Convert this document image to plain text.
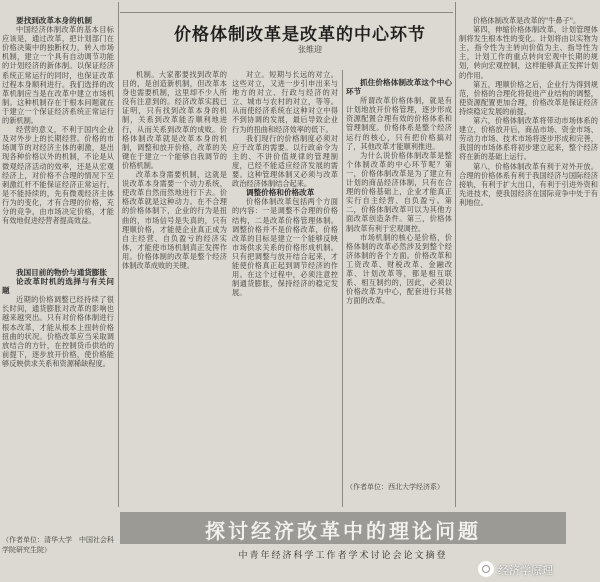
要找到改革本身的机制

中国经济体制改革的基本目标应该是，通过改革，把计划部门在价格决策中的独断权力，转入市场机制，建立一个具有自动调节功能的计划经济的新体制。以保证经济系统正常运行的同时，也保证改革过程本身顺利进行。我们选择的改革机制应当是在改革中建立市场机制。这种机制存在于根本问题就在于建立一个保证经济系统正常运行的新机制。

经营的意义，不利于国内企业及对外步上的长期经营。价格的市场调节的对经济主体的刺激，是出现各种价格以外的机制，不论是从微观经济活动的效率，还是从宏观经济上，对价格不合理的情况下至刺激红杆不能保证经济正常运行，是不能持续的，先有微观经济主体行为的变化，才有合理的价格，充分的竞争，由市场决定价格，才能有效地促进经营者提高效益。

我国目前的物价与通货膨胀

论改革时机的选择与有关问题

近期的价格调整已经持续了很长时间，通货膨胀对改革的影响也越来越突出。只有对价格体制进行根本改革，才能从根本上扭转价格扭曲的状况。价格改革应当采取调放结合的方针，在控制货币供给的前提下，逐步放开价格，使价格能够反映供求关系和资源稀缺程度。

（作者单位：清华大学　中国社会科学院研究生院）
价格体制改革是改革的中心环节
张维迎

机制。大家都要找到改革的目的，是创造新机制，但改革本身也需要机制，这里却不少人所没有注意到的。经济改革实践已证明，只有找到改革本身的机制，关系到改革能否顺利地进行，从而关系到改革的成败。价格体制改革就是改革本身的机制，调整和放开价格，改革的关键在于建立一个能够自我调节的价格机制。

改革本身需要机制，这就是说改革本身需要一个动力系统，使改革自然而然地进行下去。价格改革就是这种动力。在不合理的价格体制下，企业的行为是扭曲的，市场信号是失真的，只有理顺价格，才能使企业真正成为自主经营、自负盈亏的经济实体，才能使市场机制真正发挥作用。价格体制的改革是整个经济体制改革成败的关键。

对立。短期与长远的对立。这些对立，又进一步引申出来与地方的对立、行政与经济的对立、城市与农村的对立，等等。从而使经济系统在这种对立中得不到协调的发展，最后导致企业行为的扭曲和经济效率的低下。

我们现行的价格制度必须对应于改革的需要。以行政命令为主的、不讲价值规律的管理制度，已经不能适应经济发展的需要。这种管理体制又必须与改革政治经济体制结合起来。

调整价格和价格改革

价格体制改革包括两个方面的内容：一是调整不合理的价格结构，二是改革价格管理体制。调整价格并不是价格改革，价格改革的目标是建立一个能够反映市场供求关系的价格形成机制。只有把调整与放开结合起来，才能使价格真正起到调节经济的作用。在这个过程中，必须注意控制通货膨胀，保持经济的稳定发展。

抓住价格体制改革这个中心环节

所谓改革价格体制，就是有计划地放开价格管理，逐步形成资源配置合理有效的价格体系和管理制度。价格体系是整个经济运行的核心，只有把价格搞对了，其他改革才能顺利推进。

为什么说价格体制改革是整个体制改革的中心环节呢？第一，价格体制改革是为了建立有计划的商品经济体制，只有在合理的价格基础上，企业才能真正实行自主经营、自负盈亏。第二，价格体制改革可以为其他方面改革创造条件。第三，价格体制改革有利于宏观调控。

市场机制的核心是价格，价格体制的改革必然涉及到整个经济体制的各个方面。价格改革和工资改革、财税改革、金融改革、计划改革等，都是相互联系、相互制约的，因此，必须以价格改革为中心，配套进行其他方面的改革。

（作者单位：西北大学经济系）

价格体制改革是改革的"牛鼻子"。

第四，伸缩价格体制改革，计划管理体制将发生根本性的变化。计划将由以实物为主，指令性为主转向价值为主、指导性为主，计划工作的重点转向宏观中长期的规划，转向宏观控制，这样能够真正发挥计划的作用。

第五，理顺价格之后，企业行为得到规范，价格的合理化将促进产业结构的调整，使资源配置更加合理，价格改革是保证经济持续稳定发展的前提。

第六，价格体制改革将带动市场体系的建立，价格放开后，商品市场、资金市场、劳动力市场、技术市场将逐步形成和完善，我国的市场体系将初步建立起来，整个经济将在新的基础上运行。

第八，价格体制改革有利于对外开放。合理的价格体系有利于我国经济与国际经济接轨，有利于扩大出口，有利于引进外资和先进技术，使我国经济在国际竞争中处于有利地位。

探讨经济改革中的理论问题
中青年经济科学工作者学术讨论会论文摘登
经济学原理
